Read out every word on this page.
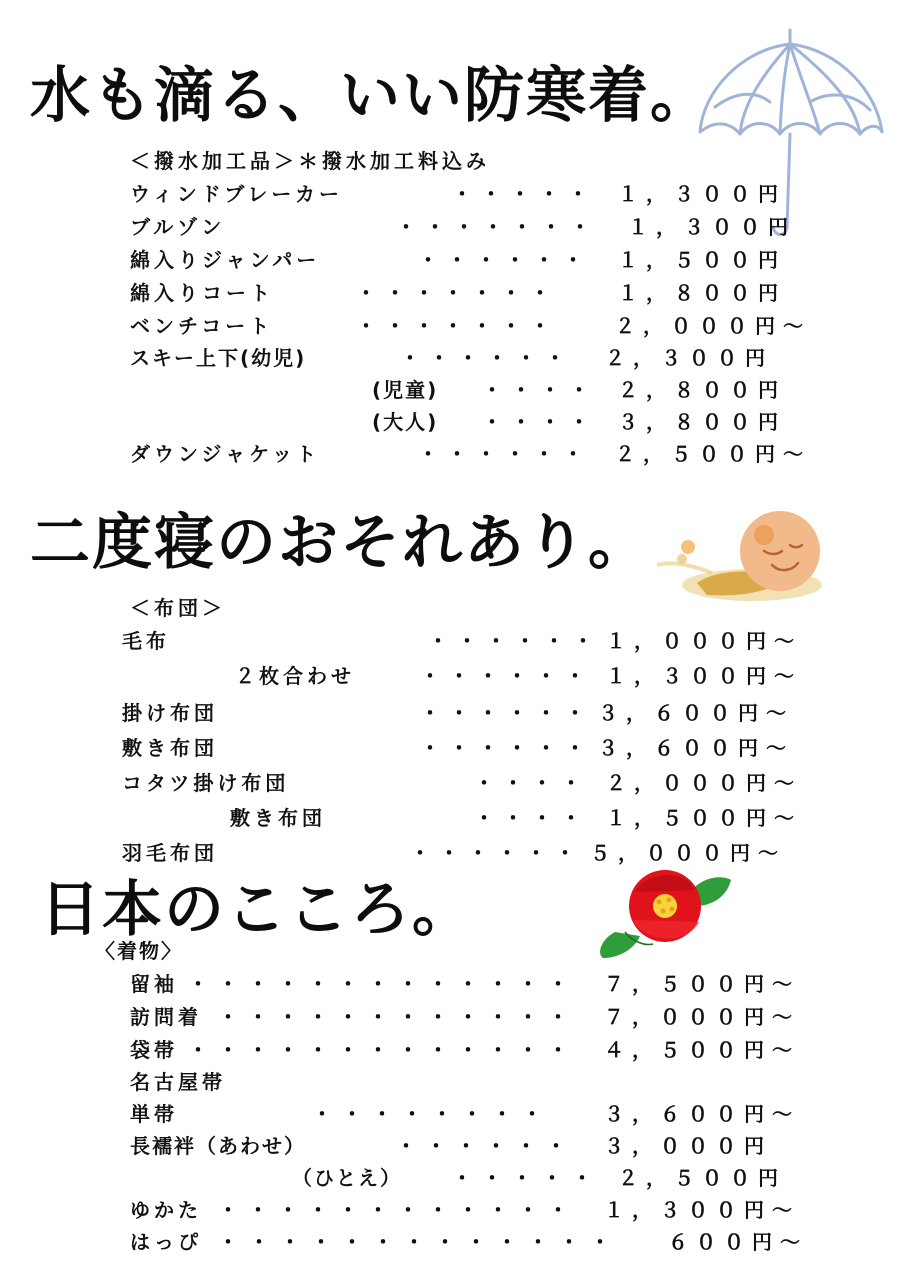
水も滴る、いい防寒着。
＜撥水加工品＞＊撥水加工料込み
ウィンドブレーカー	・・・・・ １，３００円
ブルゾン	・・・・・・・ １，３００円
綿入りジャンパー	・・・・・・ １，５００円
綿入りコート	・・・・・・・	１，８００円
ベンチコート	・・・・・・・	２，０００円～
スキー上下(幼児)	・・・・・・ ２，３００円
(児童) ・・・・ ２，８００円
(大人) ・・・・ ３，８００円
ダウンジャケット	・・・・・・ ２，５００円～
二度寝のおそれあり。
＜布団＞
毛布	・・・・・・ １，０００円～
２枚合わせ	・・・・・・ １，３００円～
掛け布団	・・・・・・ ３，６００円～
敷き布団	・・・・・・ ３，６００円～
コタツ掛け布団	・・・・ ２，０００円～
敷き布団	・・・・ １，５００円～
羽毛布団	・・・・・・ ５，０００円～
日本のこころ。
〈着物〉
留袖 ・・・・・・・・・・・・・ ７，５００円～
訪問着 ・・・・・・・・・・・・ ７，０００円～
袋帯 ・・・・・・・・・・・・・ ４，５００円～
名古屋帯
単帯	・・・・・・・・	３，６００円～
長襦袢（あわせ）	・・・・・・ ３，０００円
（ひとえ）	・・・・・ ２，５００円
ゆかた ・・・・・・・・・・・・ １，３００円～
はっぴ ・・・・・・・・・・・・・ ６００円～
